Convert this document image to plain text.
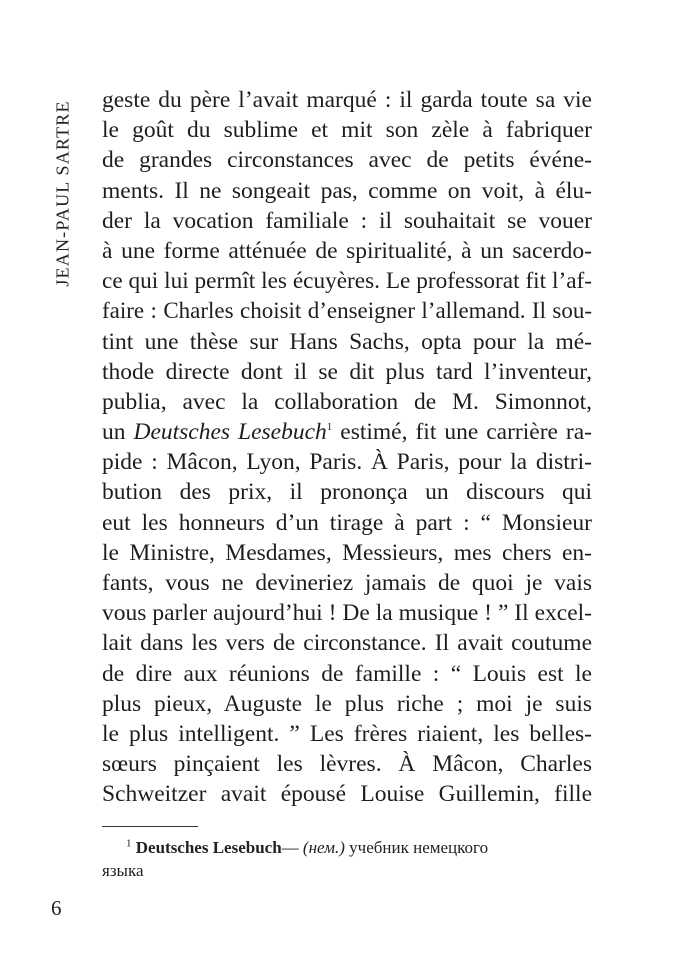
JEAN-PAUL SARTRE geste du père l’avait marqué : il garda toute sa vie
le goût du sublime et mit son zèle à fabriquer
de grandes circonstances avec de petits événe-
ments. Il ne songeait pas, comme on voit, à élu-
der la vocation familiale : il souhaitait se vouer
à une forme atténuée de spiritualité, à un sacerdo-
ce qui lui permît les écuyères. Le professorat fit l’af-
faire : Charles choisit d’enseigner l’allemand. Il sou-
tint une thèse sur Hans Sachs, opta pour la mé-
thode directe dont il se dit plus tard l’inventeur,
publia, avec la collaboration de M. Simonnot,
un Deutsches Lesebuch$^1$ estimé, fit une carrière ra-
pide : Mâcon, Lyon, Paris. À Paris, pour la distri-
bution des prix, il prononça un discours qui
eut les honneurs d’un tirage à part : “ Monsieur
le Ministre, Mesdames, Messieurs, mes chers en-
fants, vous ne devineriez jamais de quoi je vais
vous parler aujourd’hui ! De la musique ! ” Il excel-
lait dans les vers de circonstance. Il avait coutume
de dire aux réunions de famille : “ Louis est le
plus pieux, Auguste le plus riche ; moi je suis
le plus intelligent. ” Les frères riaient, les belles-
sœurs pinçaient les lèvres. À Mâcon, Charles
Schweitzer avait épousé Louise Guillemin, fille
$^1$ Deutsches Lesebuch— (нем.) учебник немецкого
языка
6
